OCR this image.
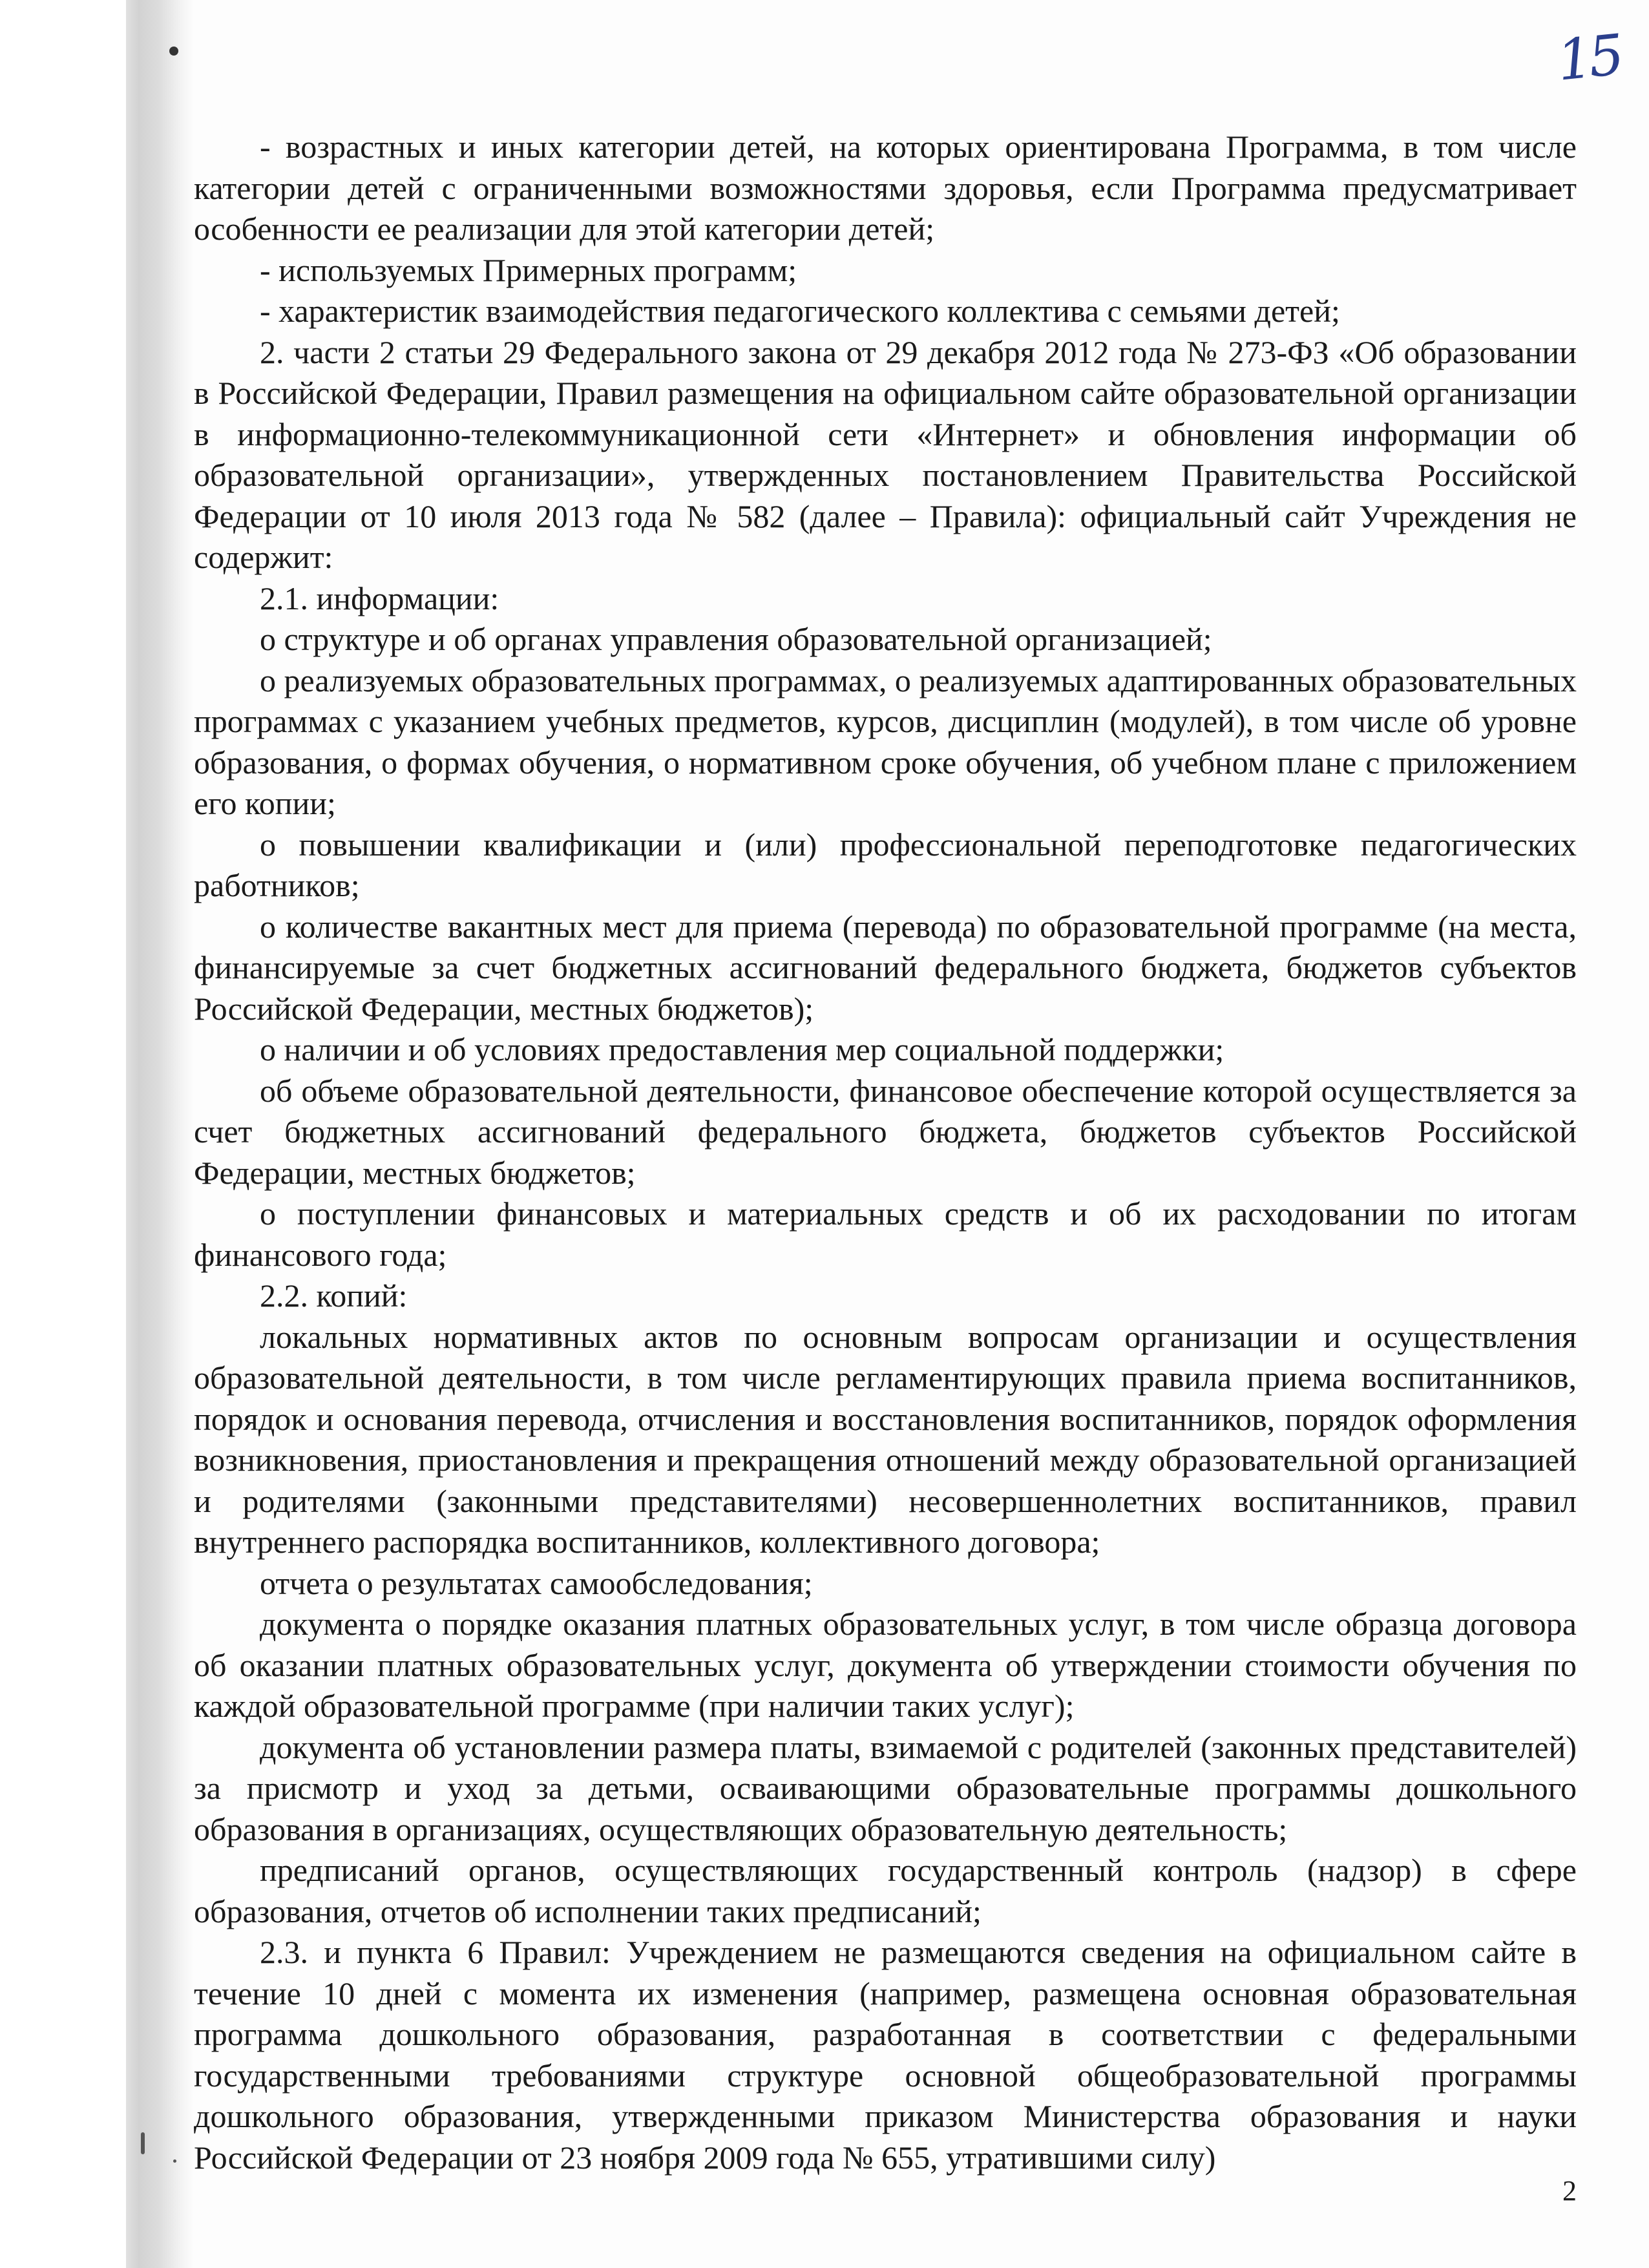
15

- возрастных и иных категории детей, на которых ориентирована Программа, в том числе категории детей с ограниченными возможностями здоровья, если Программа предусматривает особенности ее реализации для этой категории детей;

- используемых Примерных программ;

- характеристик взаимодействия педагогического коллектива с семьями детей;

2. части 2 статьи 29 Федерального закона от 29 декабря 2012 года № 273-ФЗ «Об образовании в Российской Федерации, Правил размещения на официальном сайте образовательной организации в информационно-телекоммуникационной сети «Интернет» и обновления информации об образовательной организации», утвержденных постановлением Правительства Российской Федерации от 10 июля 2013 года № 582 (далее – Правила): официальный сайт Учреждения не содержит:

2.1. информации:

о структуре и об органах управления образовательной организацией;

о реализуемых образовательных программах, о реализуемых адаптированных образовательных программах с указанием учебных предметов, курсов, дисциплин (модулей), в том числе об уровне образования, о формах обучения, о нормативном сроке обучения, об учебном плане с приложением его копии;

о повышении квалификации и (или) профессиональной переподготовке педагогических работников;

о количестве вакантных мест для приема (перевода) по образовательной программе (на места, финансируемые за счет бюджетных ассигнований федерального бюджета, бюджетов субъектов Российской Федерации, местных бюджетов);

о наличии и об условиях предоставления мер социальной поддержки;

об объеме образовательной деятельности, финансовое обеспечение которой осуществляется за счет бюджетных ассигнований федерального бюджета, бюджетов субъектов Российской Федерации, местных бюджетов;

о поступлении финансовых и материальных средств и об их расходовании по итогам финансового года;

2.2. копий:

локальных нормативных актов по основным вопросам организации и осуществления образовательной деятельности, в том числе регламентирующих правила приема воспитанников, порядок и основания перевода, отчисления и восстановления воспитанников, порядок оформления возникновения, приостановления и прекращения отношений между образовательной организацией и родителями (законными представителями) несовершеннолетних воспитанников, правил внутреннего распорядка воспитанников, коллективного договора;

отчета о результатах самообследования;

документа о порядке оказания платных образовательных услуг, в том числе образца договора об оказании платных образовательных услуг, документа об утверждении стоимости обучения по каждой образовательной программе (при наличии таких услуг);

документа об установлении размера платы, взимаемой с родителей (законных представителей) за присмотр и уход за детьми, осваивающими образовательные программы дошкольного образования в организациях, осуществляющих образовательную деятельность;

предписаний органов, осуществляющих государственный контроль (надзор) в сфере образования, отчетов об исполнении таких предписаний;

2.3. и пункта 6 Правил: Учреждением не размещаются сведения на официальном сайте в течение 10 дней с момента их изменения (например, размещена основная образовательная программа дошкольного образования, разработанная в соответствии с федеральными государственными требованиями структуре основной общеобразовательной программы дошкольного образования, утвержденными приказом Министерства образования и науки Российской Федерации от 23 ноября 2009 года № 655, утратившими силу)

2
